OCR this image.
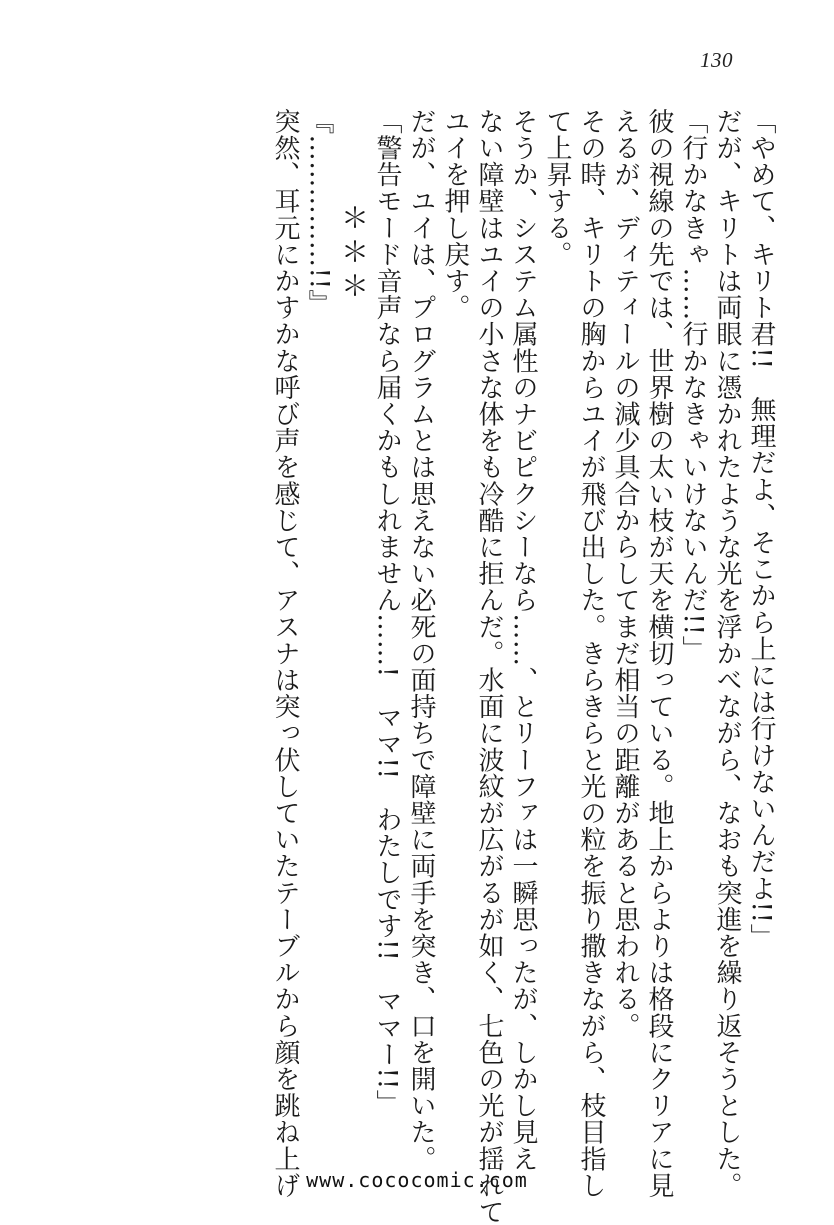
130

「やめて、キリト君!!　無理だよ、そこから上には行けないんだよ!!」

だが、キリトは両眼に憑かれたような光を浮かべながら、なおも突進を繰り返そうとした。

「行かなきゃ……行かなきゃいけないんだ!!」

彼の視線の先では、世界樹の太い枝が天を横切っている。地上からよりは格段にクリアに見

えるが、ディティールの減少具合からしてまだ相当の距離があると思われる。

その時、キリトの胸からユイが飛び出した。きらきらと光の粒を振り撒きながら、枝目指し

て上昇する。

そうか、システム属性のナビピクシーなら……、とリーファは一瞬思ったが、しかし見え

ない障壁はユイの小さな体をも冷酷に拒んだ。水面に波紋が広がるが如く、七色の光が揺れて

ユイを押し戻す。

だが、ユイは、プログラムとは思えない必死の面持ちで障壁に両手を突き、口を開いた。

「警告モード音声なら届くかもしれません……!　ママ!!　わたしです!!　ママー!!」

＊＊＊

『……………!!』

突然、耳元にかすかな呼び声を感じて、アスナは突っ伏していたテーブルから顔を跳ね上げ www.cococomic.com
